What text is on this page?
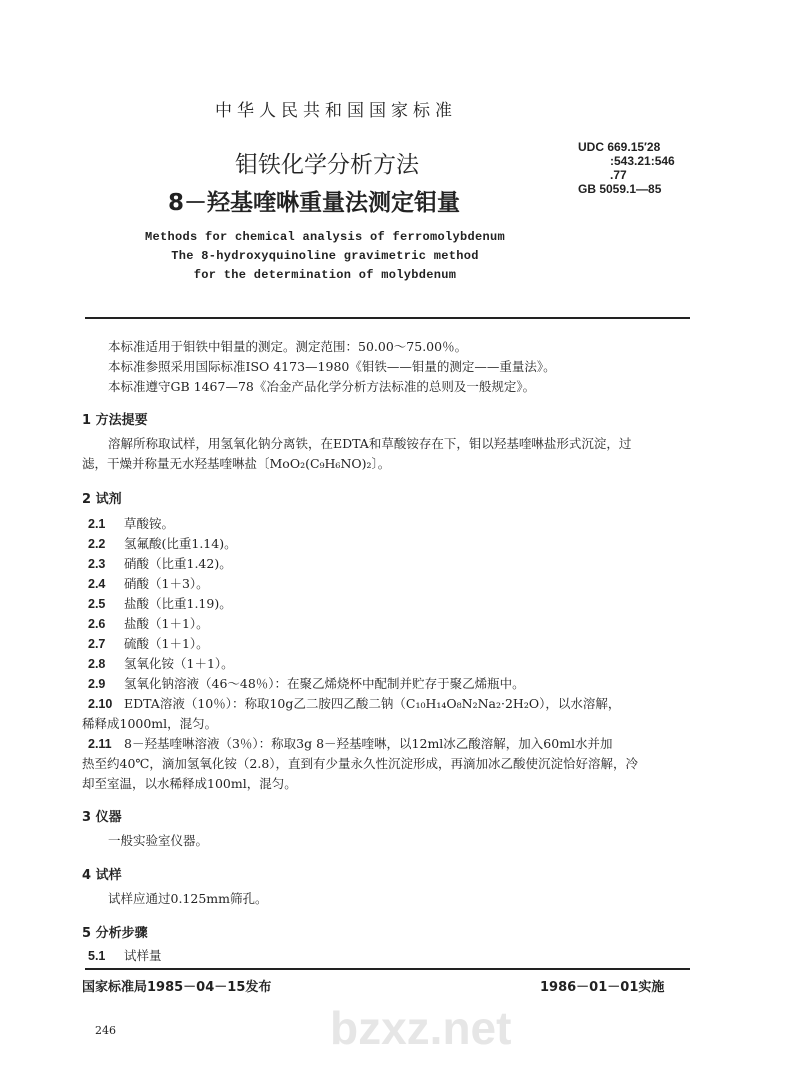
中华人民共和国国家标准
钼铁化学分析方法
8－羟基喹啉重量法测定钼量
UDC 669.15′28
:543.21:546
.77
GB 5059.1—85
Methods for chemical analysis of ferromolybdenum
The 8-hydroxyquinoline gravimetric method
for the determination of molybdenum
本标准适用于钼铁中钼量的测定。测定范围：50.00～75.00％。
本标准参照采用国际标准ISO 4173—1980《钼铁——钼量的测定——重量法》。
本标准遵守GB 1467—78《冶金产品化学分析方法标准的总则及一般规定》。
1 方法提要
溶解所称取试样，用氢氧化钠分离铁，在EDTA和草酸铵存在下，钼以羟基喹啉盐形式沉淀，过
滤，干燥并称量无水羟基喹啉盐〔MoO₂(C₉H₆NO)₂〕。
2 试剂
2.1 草酸铵。
2.2 氢氟酸(比重1.14)。
2.3 硝酸（比重1.42)。
2.4 硝酸（1＋3）。
2.5 盐酸（比重1.19)。
2.6 盐酸（1＋1）。
2.7 硫酸（1＋1）。
2.8 氢氧化铵（1＋1）。
2.9 氢氧化钠溶液（46～48％）：在聚乙烯烧杯中配制并贮存于聚乙烯瓶中。
2.10 EDTA溶液（10％）：称取10g乙二胺四乙酸二钠（C₁₀H₁₄O₈N₂Na₂·2H₂O），以水溶解，
稀释成1000ml，混匀。
2.11 8－羟基喹啉溶液（3％）：称取3g 8－羟基喹啉，以12ml冰乙酸溶解，加入60ml水并加
热至约40℃，滴加氢氧化铵（2.8），直到有少量永久性沉淀形成，再滴加冰乙酸使沉淀恰好溶解，冷
却至室温，以水稀释成100ml，混匀。
3 仪器
一般实验室仪器。
4 试样
试样应通过0.125mm筛孔。
5 分析步骤
5.1 试样量
国家标准局1985－04－15发布	1986－01－01实施
246	bzxz.net
